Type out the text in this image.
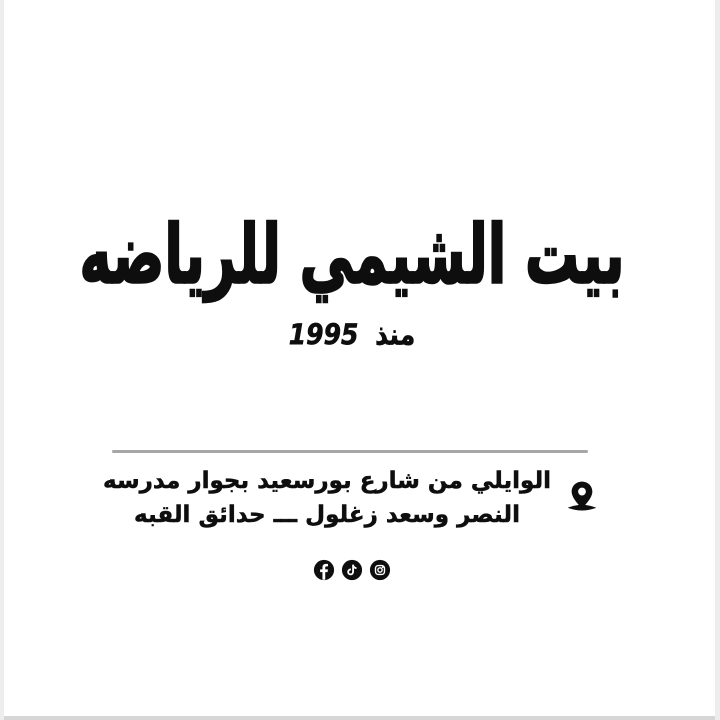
بيت الشيمي للرياضه
منذ 1995
الوايلي من شارع بورسعيد بجوار مدرسه
النصر وسعد زغلول ـــ حدائق القبه
